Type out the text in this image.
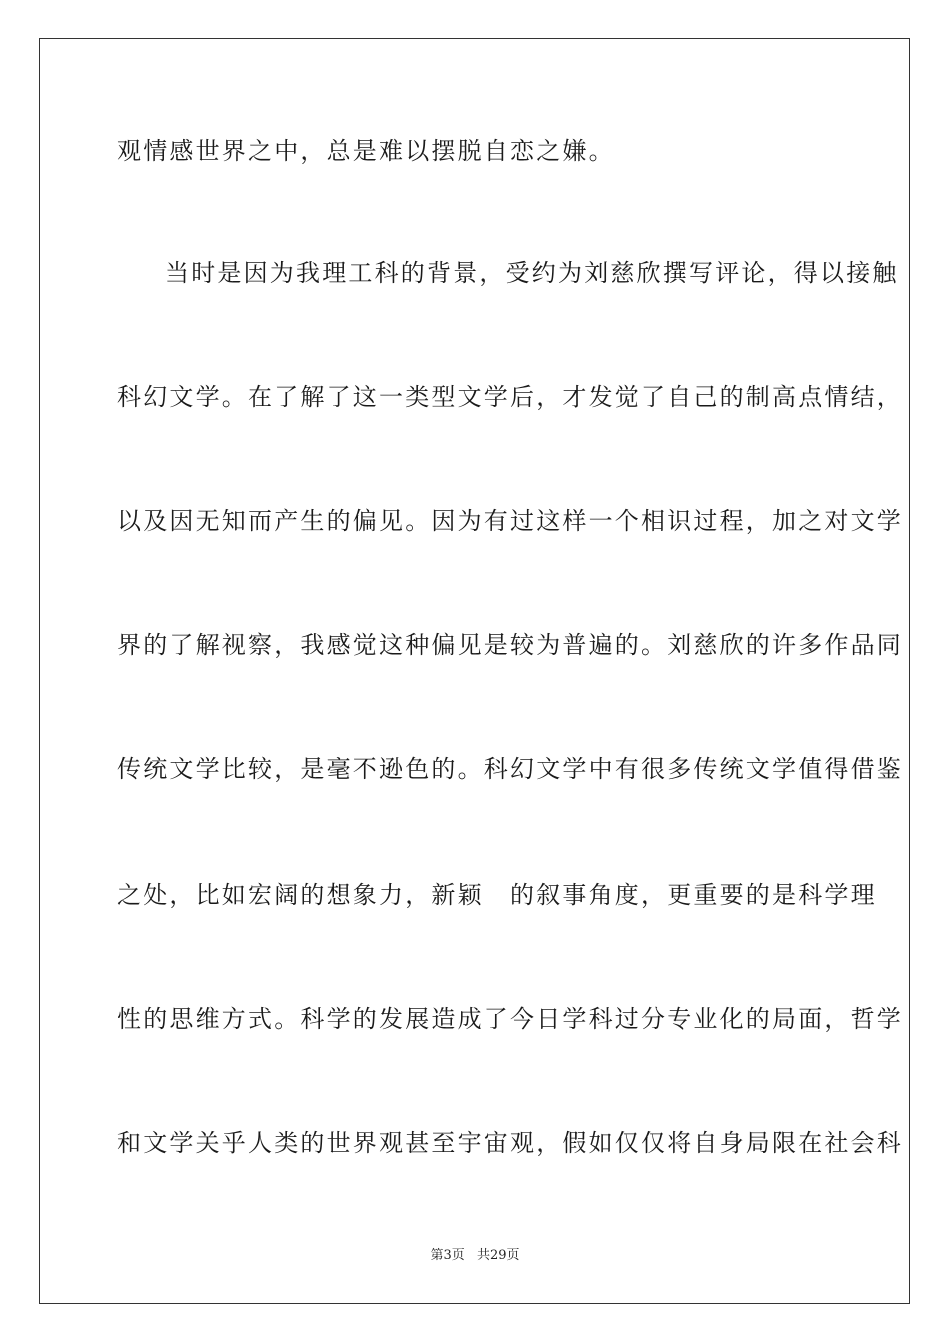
观情感世界之中，总是难以摆脱自恋之嫌。
当时是因为我理工科的背景，受约为刘慈欣撰写评论，得以接触
科幻文学。在了解了这一类型文学后，才发觉了自己的制高点情结，
以及因无知而产生的偏见。因为有过这样一个相识过程，加之对文学
界的了解视察，我感觉这种偏见是较为普遍的。刘慈欣的许多作品同
传统文学比较，是毫不逊色的。科幻文学中有很多传统文学值得借鉴
之处，比如宏阔的想象力，新颖　的叙事角度，更重要的是科学理
性的思维方式。科学的发展造成了今日学科过分专业化的局面，哲学
和文学关乎人类的世界观甚至宇宙观，假如仅仅将自身局限在社会科
第3页 共29页
